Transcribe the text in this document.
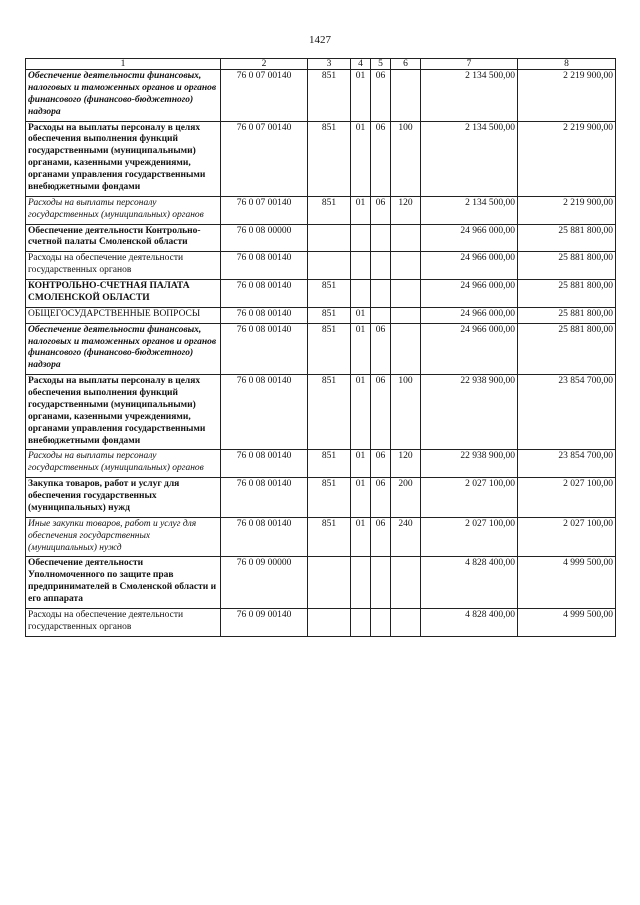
1427
1	2	3	4	5	6	7	8
Обеспечение деятельности финансовых, налоговых и таможенных органов и органов финансового (финансово-бюджетного) надзора	76 0 07 00140	851	01	06		2 134 500,00	2 219 900,00
Расходы на выплаты персоналу в целях обеспечения выполнения функций государственными (муниципальными) органами, казенными учреждениями, органами управления государственными внебюджетными фондами	76 0 07 00140	851	01	06	100	2 134 500,00	2 219 900,00
Расходы на выплаты персоналу государственных (муниципальных) органов	76 0 07 00140	851	01	06	120	2 134 500,00	2 219 900,00
Обеспечение деятельности Контрольно-счетной палаты Смоленской области	76 0 08 00000					24 966 000,00	25 881 800,00
Расходы на обеспечение деятельности государственных органов	76 0 08 00140					24 966 000,00	25 881 800,00
КОНТРОЛЬНО-СЧЕТНАЯ ПАЛАТА СМОЛЕНСКОЙ ОБЛАСТИ	76 0 08 00140	851				24 966 000,00	25 881 800,00
ОБЩЕГОСУДАРСТВЕННЫЕ ВОПРОСЫ	76 0 08 00140	851	01			24 966 000,00	25 881 800,00
Обеспечение деятельности финансовых, налоговых и таможенных органов и органов финансового (финансово-бюджетного) надзора	76 0 08 00140	851	01	06		24 966 000,00	25 881 800,00
Расходы на выплаты персоналу в целях обеспечения выполнения функций государственными (муниципальными) органами, казенными учреждениями, органами управления государственными внебюджетными фондами	76 0 08 00140	851	01	06	100	22 938 900,00	23 854 700,00
Расходы на выплаты персоналу государственных (муниципальных) органов	76 0 08 00140	851	01	06	120	22 938 900,00	23 854 700,00
Закупка товаров, работ и услуг для обеспечения государственных (муниципальных) нужд	76 0 08 00140	851	01	06	200	2 027 100,00	2 027 100,00
Иные закупки товаров, работ и услуг для обеспечения государственных (муниципальных) нужд	76 0 08 00140	851	01	06	240	2 027 100,00	2 027 100,00
Обеспечение деятельности Уполномоченного по защите прав предпринимателей в Смоленской области и его аппарата	76 0 09 00000					4 828 400,00	4 999 500,00
Расходы на обеспечение деятельности государственных органов	76 0 09 00140					4 828 400,00	4 999 500,00
